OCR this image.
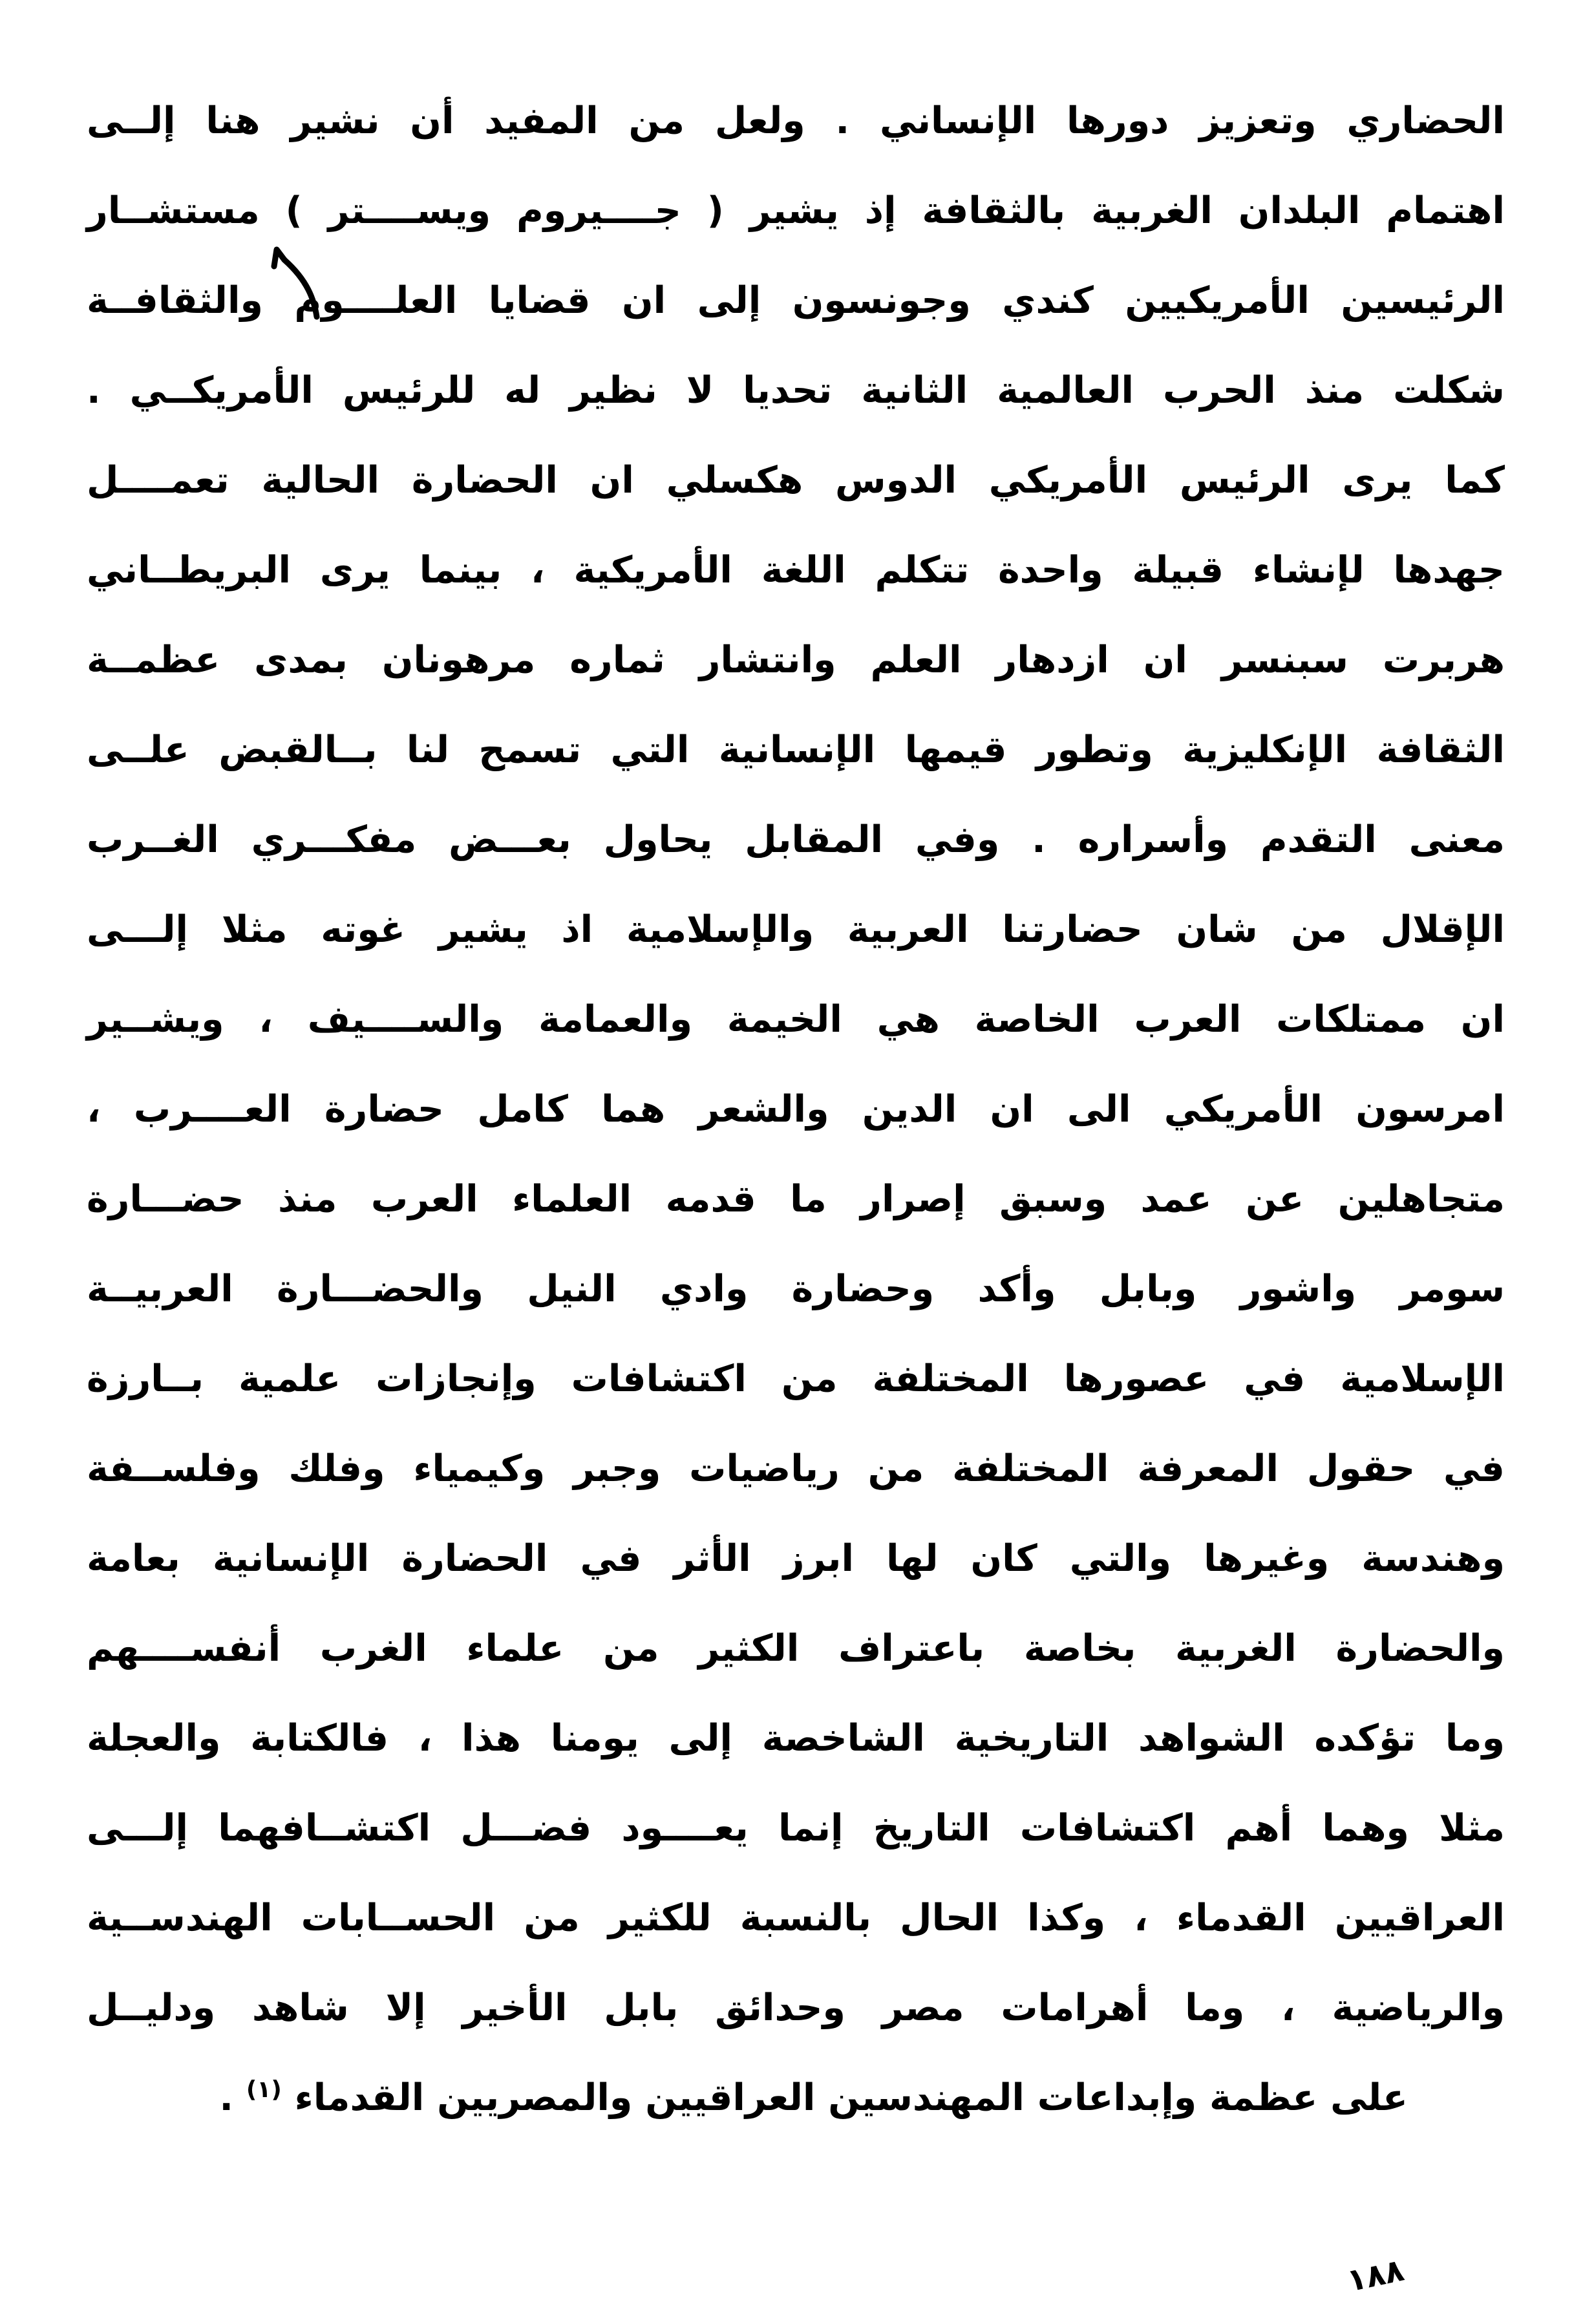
الحضاري وتعزيز دورها الإنساني . ولعل من المفيد أن نشير هنا إلــى
اهتمام البلدان الغربية بالثقافة إذ يشير ( جــــيروم ويســــتر ) مستشــار
الرئيسين الأمريكيين كندي وجونسون إلى ان قضايا العلــــوم والثقافــة
شكلت منذ الحرب العالمية الثانية تحديا لا نظير له للرئيس الأمريكــي .
كما يرى الرئيس الأمريكي الدوس هكسلي ان الحضارة الحالية تعمــــل
جهدها لإنشاء قبيلة واحدة تتكلم اللغة الأمريكية ، بينما يرى البريطــاني
هربرت سبنسر ان ازدهار العلم وانتشار ثماره مرهونان بمدى عظمــة
الثقافة الإنكليزية وتطور قيمها الإنسانية التي تسمح لنا بــالقبض علــى
معنى التقدم وأسراره . وفي المقابل يحاول بعـــض مفكـــري الغــرب
الإقلال من شان حضارتنا العربية والإسلامية اذ يشير غوته مثلا إلـــى
ان ممتلكات العرب الخاصة هي الخيمة والعمامة والســــيف ، ويشــير
امرسون الأمريكي الى ان الدين والشعر هما كامل حضارة العــــرب ،
متجاهلين عن عمد وسبق إصرار ما قدمه العلماء العرب منذ حضـــارة
سومر واشور وبابل وأكد وحضارة وادي النيل والحضـــارة العربيــة
الإسلامية في عصورها المختلفة من اكتشافات وإنجازات علمية بــارزة
في حقول المعرفة المختلفة من رياضيات وجبر وكيمياء وفلك وفلســفة
وهندسة وغيرها والتي كان لها ابرز الأثر في الحضارة الإنسانية بعامة
والحضارة الغربية بخاصة باعتراف الكثير من علماء الغرب أنفســــهم
وما تؤكده الشواهد التاريخية الشاخصة إلى يومنا هذا ، فالكتابة والعجلة
مثلا وهما أهم اكتشافات التاريخ إنما يعــــود فضـــل اكتشــافهما إلـــى
العراقيين القدماء ، وكذا الحال بالنسبة للكثير من الحســابات الهندســية
والرياضية ، وما أهرامات مصر وحدائق بابل الأخير إلا شاهد ودليــل
على عظمة وإبداعات المهندسين العراقيين والمصريين القدماء $^{(١)}$ .
١٨٨
